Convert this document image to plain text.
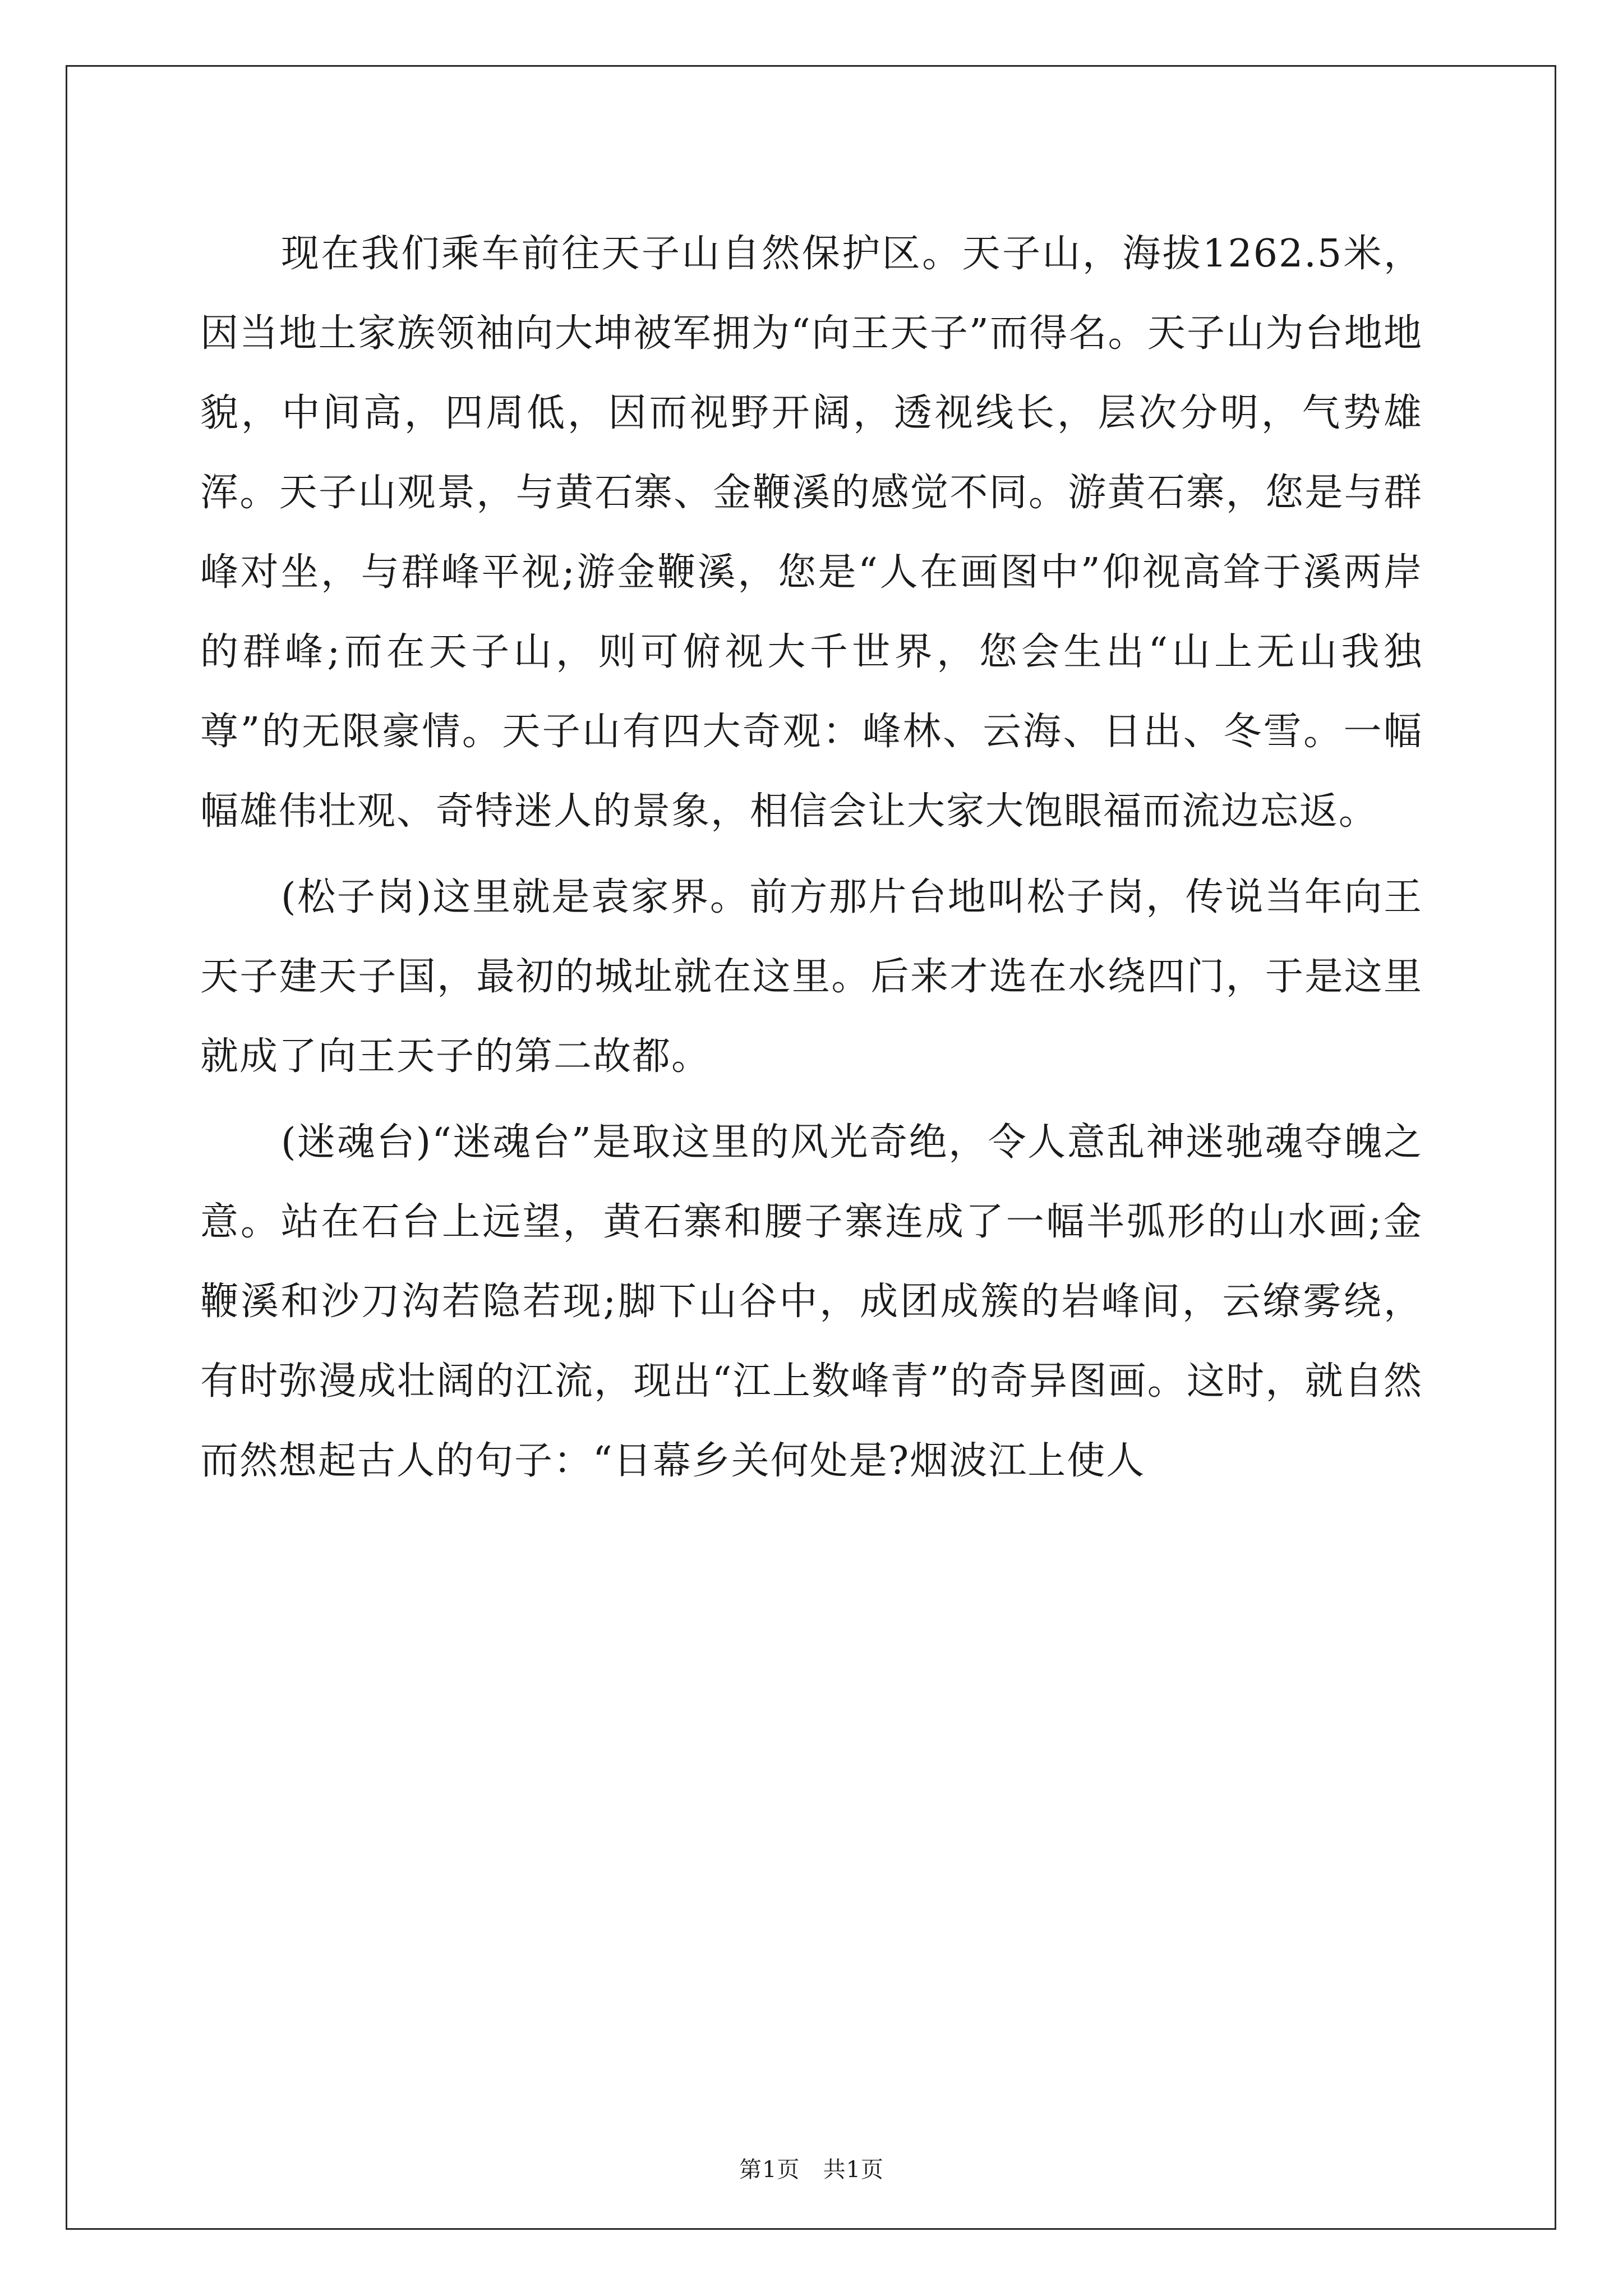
现在我们乘车前往天子山自然保护区。天子山，海拔1262.5米，因当地土家族领袖向大坤被军拥为“向王天子”而得名。天子山为台地地貌，中间高，四周低，因而视野开阔，透视线长，层次分明，气势雄浑。天子山观景，与黄石寨、金鞭溪的感觉不同。游黄石寨，您是与群峰对坐，与群峰平视;游金鞭溪，您是“人在画图中”仰视高耸于溪两岸的群峰;而在天子山，则可俯视大千世界，您会生出“山上无山我独尊”的无限豪情。天子山有四大奇观：峰林、云海、日出、冬雪。一幅幅雄伟壮观、奇特迷人的景象，相信会让大家大饱眼福而流边忘返。

(松子岗)这里就是袁家界。前方那片台地叫松子岗，传说当年向王天子建天子国，最初的城址就在这里。后来才选在水绕四门，于是这里就成了向王天子的第二故都。

(迷魂台)“迷魂台”是取这里的风光奇绝，令人意乱神迷驰魂夺魄之意。站在石台上远望，黄石寨和腰子寨连成了一幅半弧形的山水画;金鞭溪和沙刀沟若隐若现;脚下山谷中，成团成簇的岩峰间，云缭雾绕，有时弥漫成壮阔的江流，现出“江上数峰青”的奇异图画。这时，就自然而然想起古人的句子：“日幕乡关何处是?烟波江上使人

第1页 共1页
